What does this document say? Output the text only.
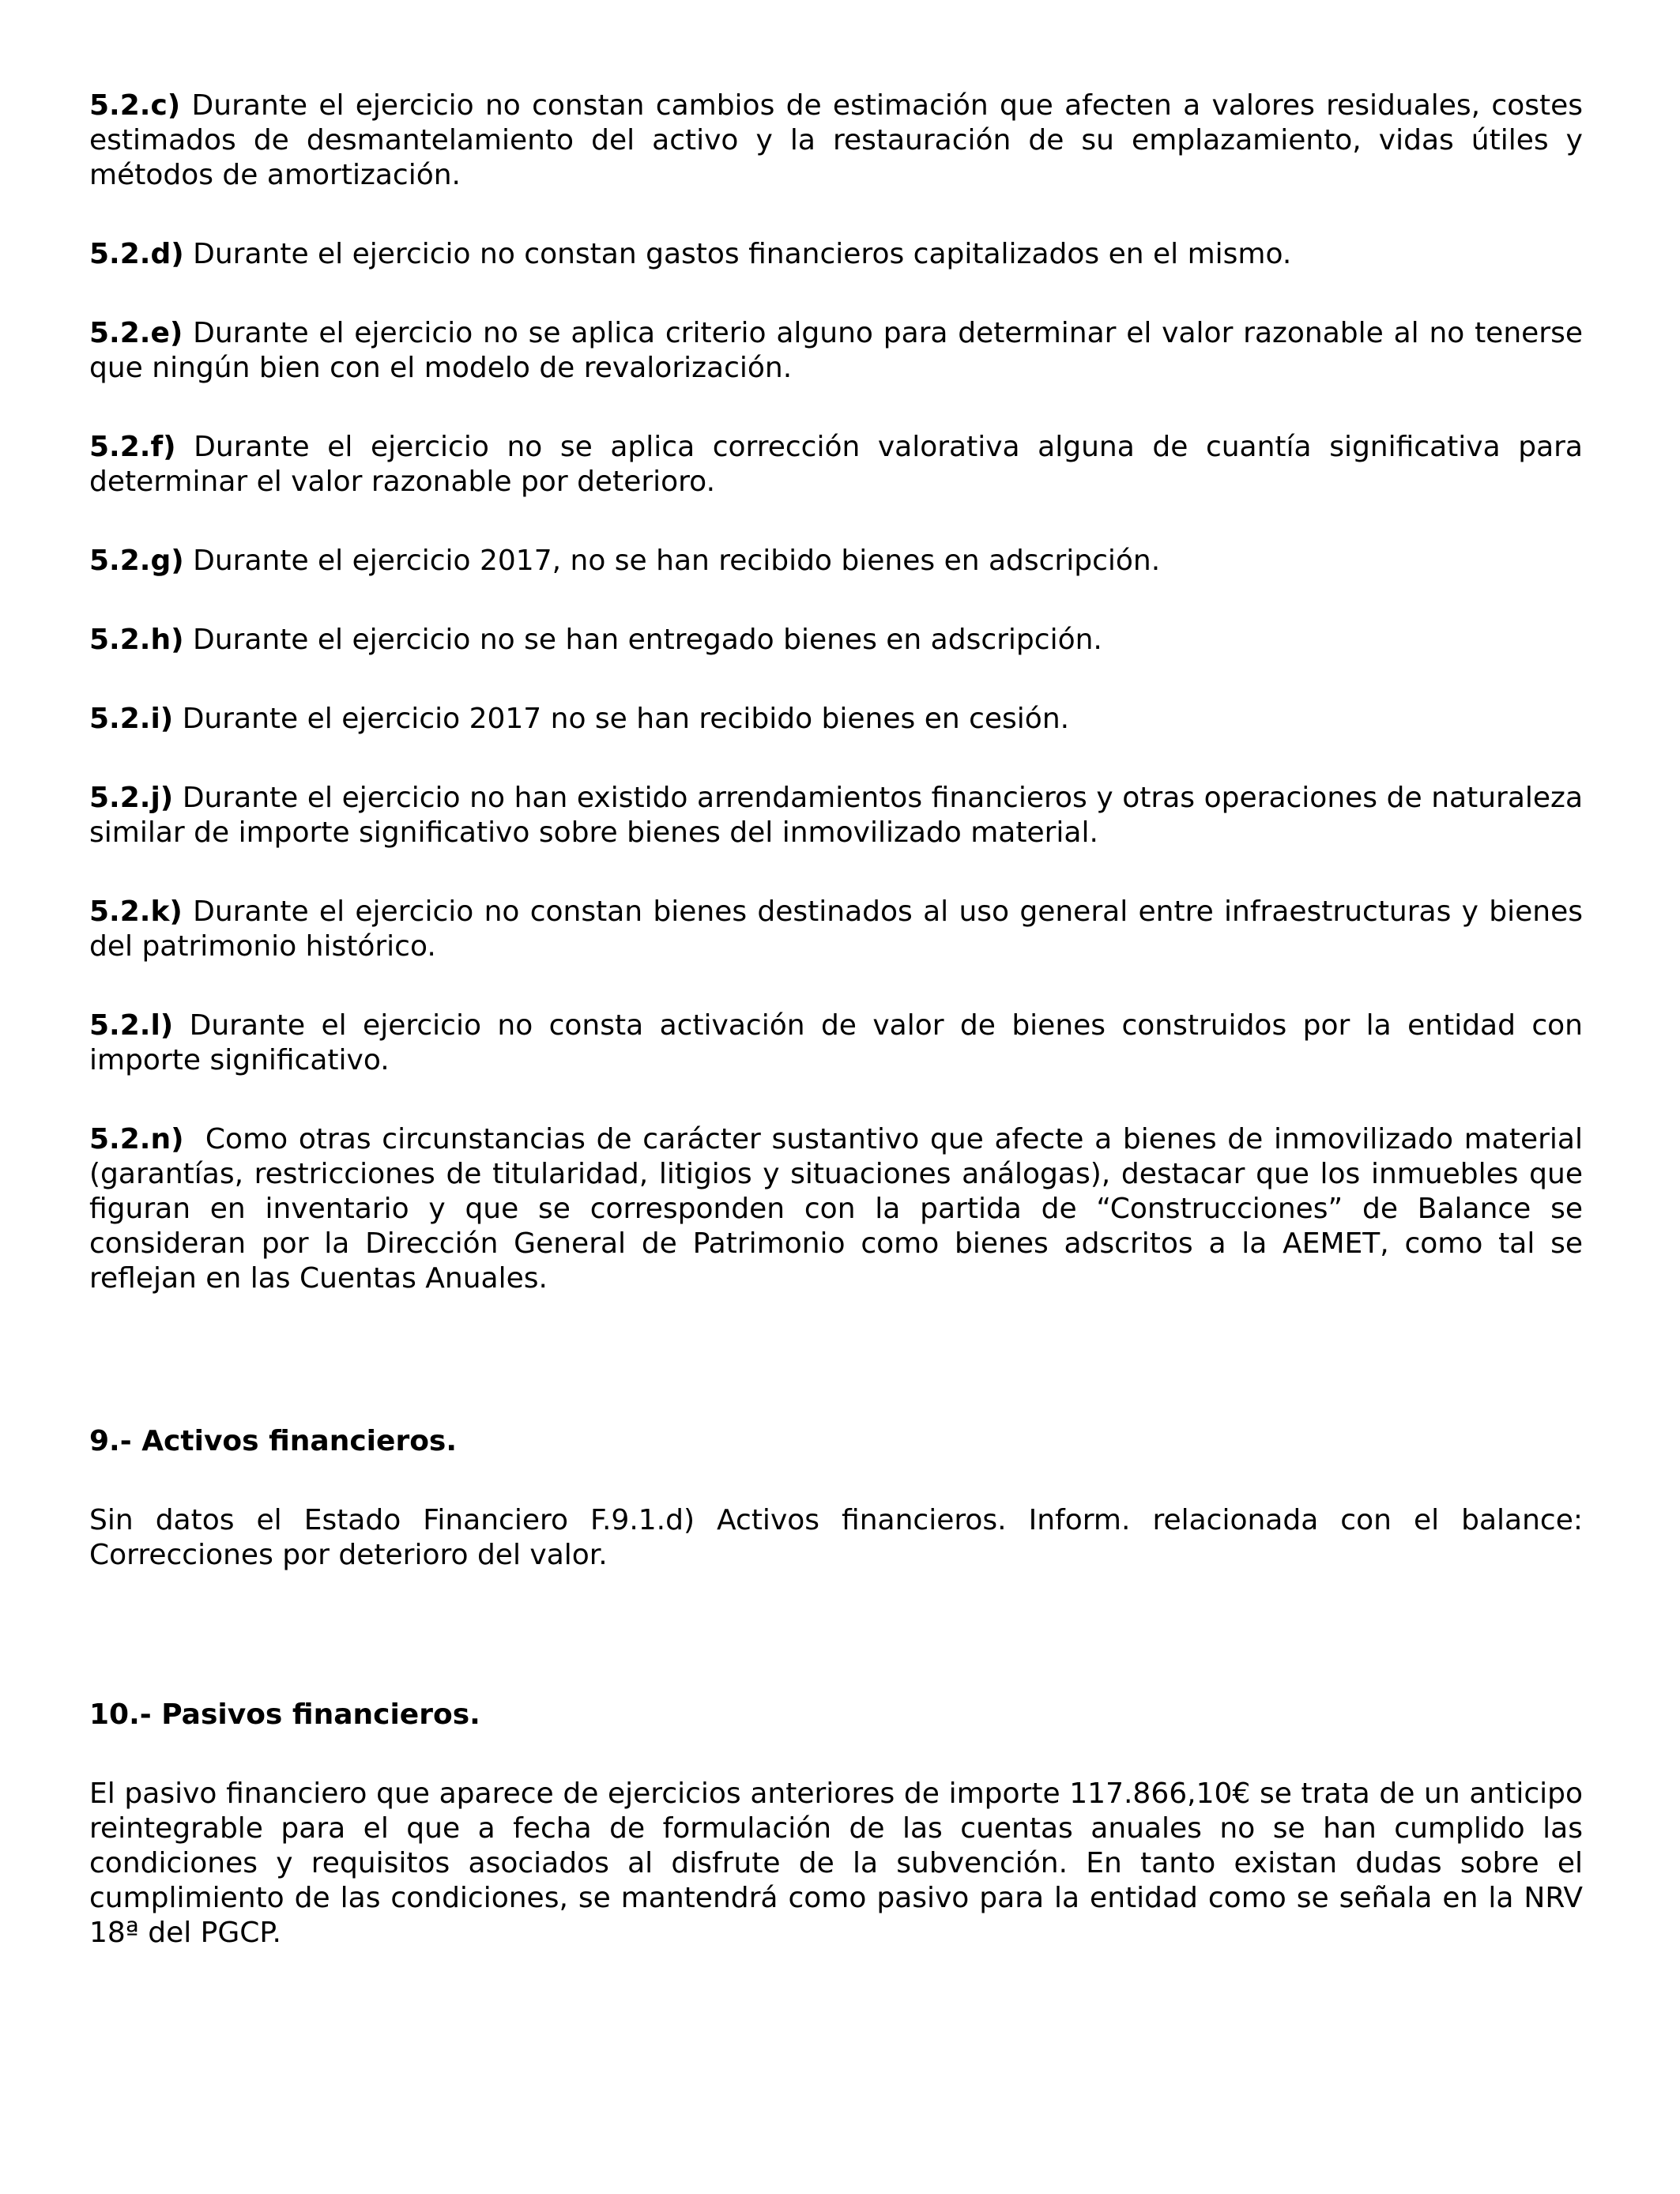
5.2.c) Durante el ejercicio no constan cambios de estimación que afecten a valores residuales, costes estimados de desmantelamiento del activo y la restauración de su emplazamiento, vidas útiles y métodos de amortización.

5.2.d) Durante el ejercicio no constan gastos financieros capitalizados en el mismo.

5.2.e) Durante el ejercicio no se aplica criterio alguno para determinar el valor razonable al no tenerse que ningún bien con el modelo de revalorización.

5.2.f) Durante el ejercicio no se aplica corrección valorativa alguna de cuantía significativa para determinar el valor razonable por deterioro.

5.2.g) Durante el ejercicio 2017, no se han recibido bienes en adscripción.

5.2.h) Durante el ejercicio no se han entregado bienes en adscripción.

5.2.i) Durante el ejercicio 2017 no se han recibido bienes en cesión.

5.2.j) Durante el ejercicio no han existido arrendamientos financieros y otras operaciones de naturaleza similar de importe significativo sobre bienes del inmovilizado material.

5.2.k) Durante el ejercicio no constan bienes destinados al uso general entre infraestructuras y bienes del patrimonio histórico.

5.2.l) Durante el ejercicio no consta activación de valor de bienes construidos por la entidad con importe significativo.

5.2.n)  Como otras circunstancias de carácter sustantivo que afecte a bienes de inmovilizado material (garantías, restricciones de titularidad, litigios y situaciones análogas), destacar que los inmuebles que figuran en inventario y que se corresponden con la partida de “Construcciones” de Balance se consideran por la Dirección General de Patrimonio como bienes adscritos a la AEMET, como tal se reflejan en las Cuentas Anuales.

9.- Activos financieros.

Sin datos el Estado Financiero F.9.1.d) Activos financieros. Inform. relacionada con el balance: Correcciones por deterioro del valor.

10.- Pasivos financieros.

El pasivo financiero que aparece de ejercicios anteriores de importe 117.866,10€ se trata de un anticipo reintegrable para el que a fecha de formulación de las cuentas anuales no se han cumplido las condiciones y requisitos asociados al disfrute de la subvención. En tanto existan dudas sobre el cumplimiento de las condiciones, se mantendrá como pasivo para la entidad como se señala en la NRV 18ª del PGCP.
